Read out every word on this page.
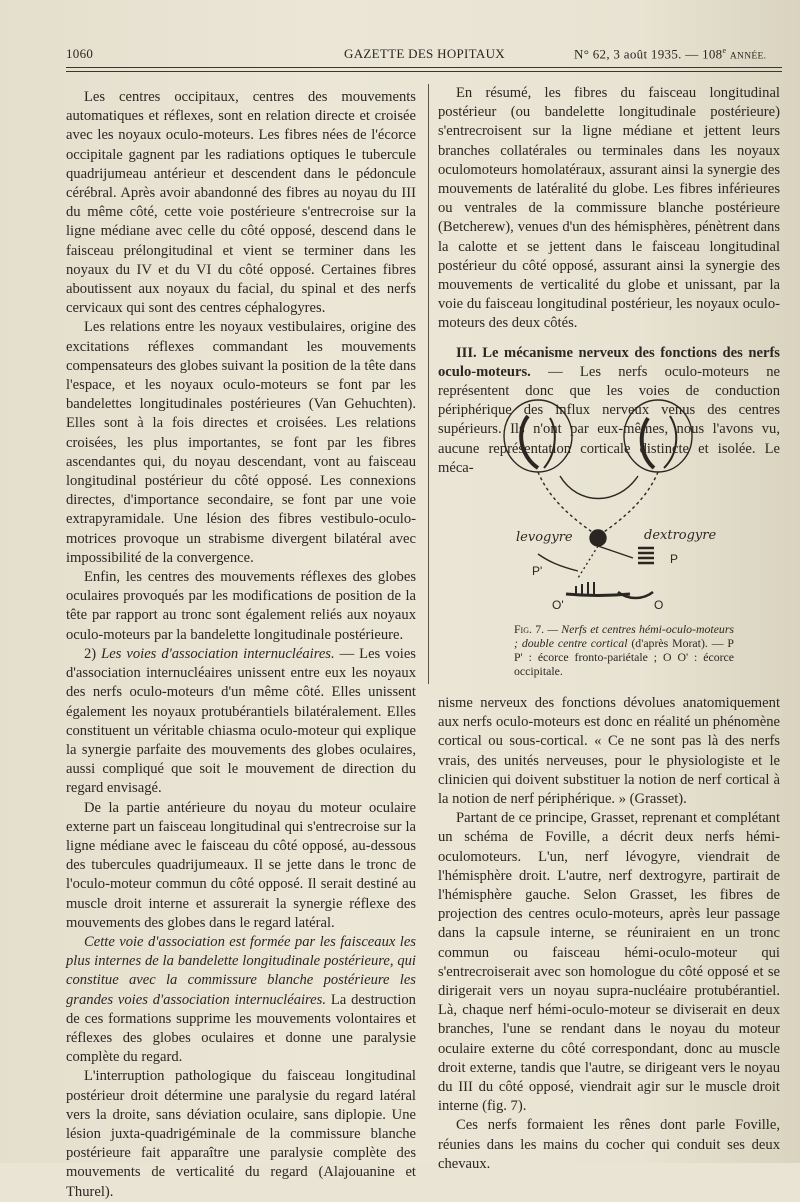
1060	GAZETTE DES HOPITAUX	N° 62, 3 août 1935. — 108e ANNÉE.

Les centres occipitaux, centres des mouvements automatiques et réflexes, sont en relation directe et croisée avec les noyaux oculo-moteurs. Les fibres nées de l'écorce occipitale gagnent par les radiations optiques le tubercule quadrijumeau antérieur et descendent dans le pédoncule cérébral. Après avoir abandonné des fibres au noyau du III du même côté, cette voie postérieure s'entrecroise sur la ligne médiane avec celle du côté opposé, descend dans le faisceau prélongitudinal et vient se terminer dans les noyaux du IV et du VI du côté opposé. Certaines fibres aboutissent aux noyaux du facial, du spinal et des nerfs cervicaux qui sont des centres céphalogyres.

Les relations entre les noyaux vestibulaires, origine des excitations réflexes commandant les mouvements compensateurs des globes suivant la position de la tête dans l'espace, et les noyaux oculo-moteurs se font par les bandelettes longitudinales postérieures (Van Gehuchten). Elles sont à la fois directes et croisées. Les relations croisées, les plus importantes, se font par les fibres ascendantes qui, du noyau descendant, vont au faisceau longitudinal postérieur du côté opposé. Les connexions directes, d'importance secondaire, se font par une voie extrapyramidale. Une lésion des fibres vestibulo-oculo-motrices provoque un strabisme divergent bilatéral avec impossibilité de la convergence.

Enfin, les centres des mouvements réflexes des globes oculaires provoqués par les modifications de position de la tête par rapport au tronc sont également reliés aux noyaux oculo-moteurs par la bandelette longitudinale postérieure.

2) Les voies d'association internucléaires. — Les voies d'association internucléaires unissent entre eux les noyaux des nerfs oculo-moteurs d'un même côté. Elles unissent également les noyaux protubérantiels bilatéralement. Elles constituent un véritable chiasma oculo-moteur qui explique la synergie parfaite des mouvements des globes oculaires, aussi compliqué que soit le mouvement de direction du regard envisagé.

De la partie antérieure du noyau du moteur oculaire externe part un faisceau longitudinal qui s'entrecroise sur la ligne médiane avec le faisceau du côté opposé, au-dessous des tubercules quadrijumeaux. Il se jette dans le tronc de l'oculo-moteur commun du côté opposé. Il serait destiné au muscle droit interne et assurerait la synergie réflexe des mouvements des globes dans le regard latéral.

Cette voie d'association est formée par les faisceaux les plus internes de la bandelette longitudinale postérieure, qui constitue avec la commissure blanche postérieure les grandes voies d'association internucléaires. La destruction de ces formations supprime les mouvements volontaires et réflexes des globes oculaires et donne une paralysie complète du regard.

L'interruption pathologique du faisceau longitudinal postérieur droit détermine une paralysie du regard latéral vers la droite, sans déviation oculaire, sans diplopie. Une lésion juxta-quadrigéminale de la commissure blanche postérieure fait apparaître une paralysie complète des mouvements de verticalité du regard (Alajouanine et Thurel).

En résumé, les fibres du faisceau longitudinal postérieur (ou bandelette longitudinale postérieure) s'entrecroisent sur la ligne médiane et jettent leurs branches collatérales ou terminales dans les noyaux oculomoteurs homolatéraux, assurant ainsi la synergie des mouvements de latéralité du globe. Les fibres inférieures ou ventrales de la commissure blanche postérieure (Betcherew), venues d'un des hémisphères, pénètrent dans la calotte et se jettent dans le faisceau longitudinal postérieur du côté opposé, assurant ainsi la synergie des mouvements de verticalité du globe et unissant, par la voie du faisceau longitudinal postérieur, les noyaux oculo-moteurs des deux côtés.

III. Le mécanisme nerveux des fonctions des nerfs oculo-moteurs. — Les nerfs oculo-moteurs ne représentent donc que les voies de conduction périphérique des influx nerveux venus des centres supérieurs. Ils n'ont par eux-mêmes, nous l'avons vu, aucune représentation corticale distincte et isolée. Le méca-

levogyre	dextrogyre
P
P'
O'	O
Fig. 7. — Nerfs et centres hémi-oculo-moteurs ; double centre cortical (d'après Morat). — P P' : écorce fronto-pariétale ; O O' : écorce occipitale.

nisme nerveux des fonctions dévolues anatomiquement aux nerfs oculo-moteurs est donc en réalité un phénomène cortical ou sous-cortical. « Ce ne sont pas là des nerfs vrais, des unités nerveuses, pour le physiologiste et le clinicien qui doivent substituer la notion de nerf cortical à la notion de nerf périphérique. » (Grasset).

Partant de ce principe, Grasset, reprenant et complétant un schéma de Foville, a décrit deux nerfs hémi-oculomoteurs. L'un, nerf lévogyre, viendrait de l'hémisphère droit. L'autre, nerf dextrogyre, partirait de l'hémisphère gauche. Selon Grasset, les fibres de projection des centres oculo-moteurs, après leur passage dans la capsule interne, se réuniraient en un tronc commun ou faisceau hémi-oculo-moteur qui s'entrecroiserait avec son homologue du côté opposé et se dirigerait vers un noyau supra-nucléaire protubérantiel. Là, chaque nerf hémi-oculo-moteur se diviserait en deux branches, l'une se rendant dans le noyau du moteur oculaire externe du côté correspondant, donc au muscle droit externe, tandis que l'autre, se dirigeant vers le noyau du III du côté opposé, viendrait agir sur le muscle droit interne (fig. 7).

Ces nerfs formaient les rênes dont parle Foville, réunies dans les mains du cocher qui conduit ses deux chevaux.
